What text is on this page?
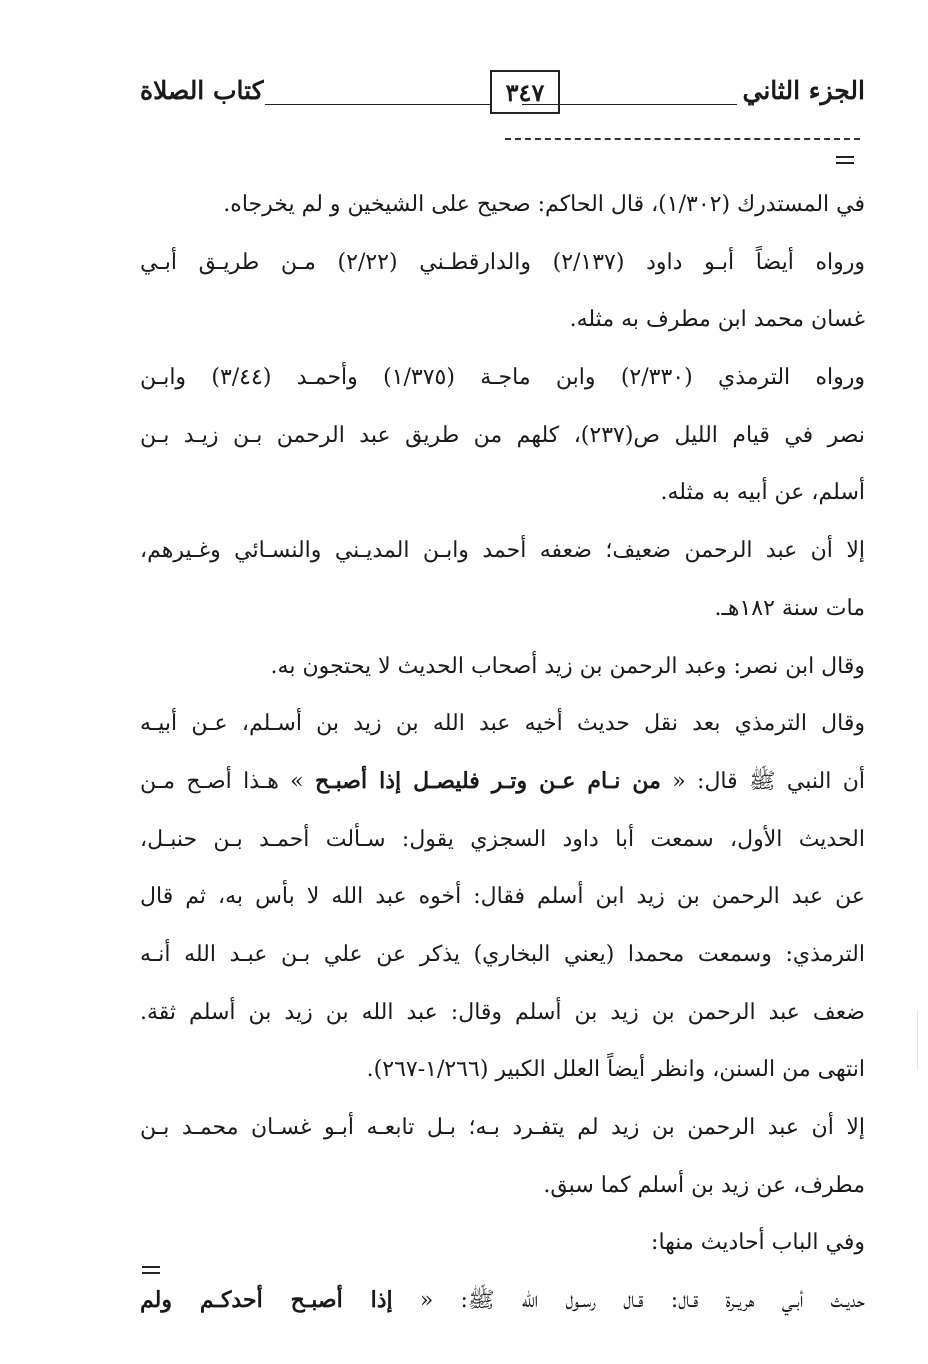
الجزء الثاني
٣٤٧
كتاب الصلاة
في المستدرك (١/٣٠٢)، قال الحاكم: صحيح على الشيخين و لم يخرجاه.
ورواه أيضاً أبـو داود (٢/١٣٧) والدارقطـني (٢/٢٢) مـن طريـق أبـي
غسان محمد ابن مطرف به مثله.
ورواه الترمذي (٢/٣٣٠) وابن ماجـة (١/٣٧٥) وأحمـد (٣/٤٤) وابـن
نصر في قيام الليل ص(٢٣٧)، كلهم من طريق عبد الرحمن بـن زيـد بـن
أسلم، عن أبيه به مثله.
إلا أن عبد الرحمن ضعيف؛ ضعفه أحمد وابـن المديـني والنسـائي وغـيرهم،
مات سنة ١٨٢هـ.
وقال ابن نصر: وعبد الرحمن بن زيد أصحاب الحديث لا يحتجون به.
وقال الترمذي بعد نقل حديث أخيه عبد الله بن زيد بن أسـلم، عـن أبيـه
أن النبي ﷺ قال: « من نـام عـن وتـر فليصـل إذا أصبـح » هـذا أصـح مـن
الحديث الأول، سمعت أبا داود السجزي يقول: سـألت أحمـد بـن حنبـل،
عن عبد الرحمن بن زيد ابن أسلم فقال: أخوه عبد الله لا بأس به، ثم قال
الترمذي: وسمعت محمدا (يعني البخاري) يذكر عن علي بـن عبـد الله أنـه
ضعف عبد الرحمن بن زيد بن أسلم وقال: عبد الله بن زيد بن أسلم ثقة.
انتهى من السنن، وانظر أيضاً العلل الكبير (١/٢٦٦-٢٦٧).
إلا أن عبد الرحمن بن زيد لم يتفـرد بـه؛ بـل تابعـه أبـو غسـان محمـد بـن
مطرف، عن زيد بن أسلم كما سبق.
وفي الباب أحاديث منها:
حديـث أبـي هريـرة قـال: قـال رسـول الله ﷺ: « إذا أصبـح أحدكـم ولم
